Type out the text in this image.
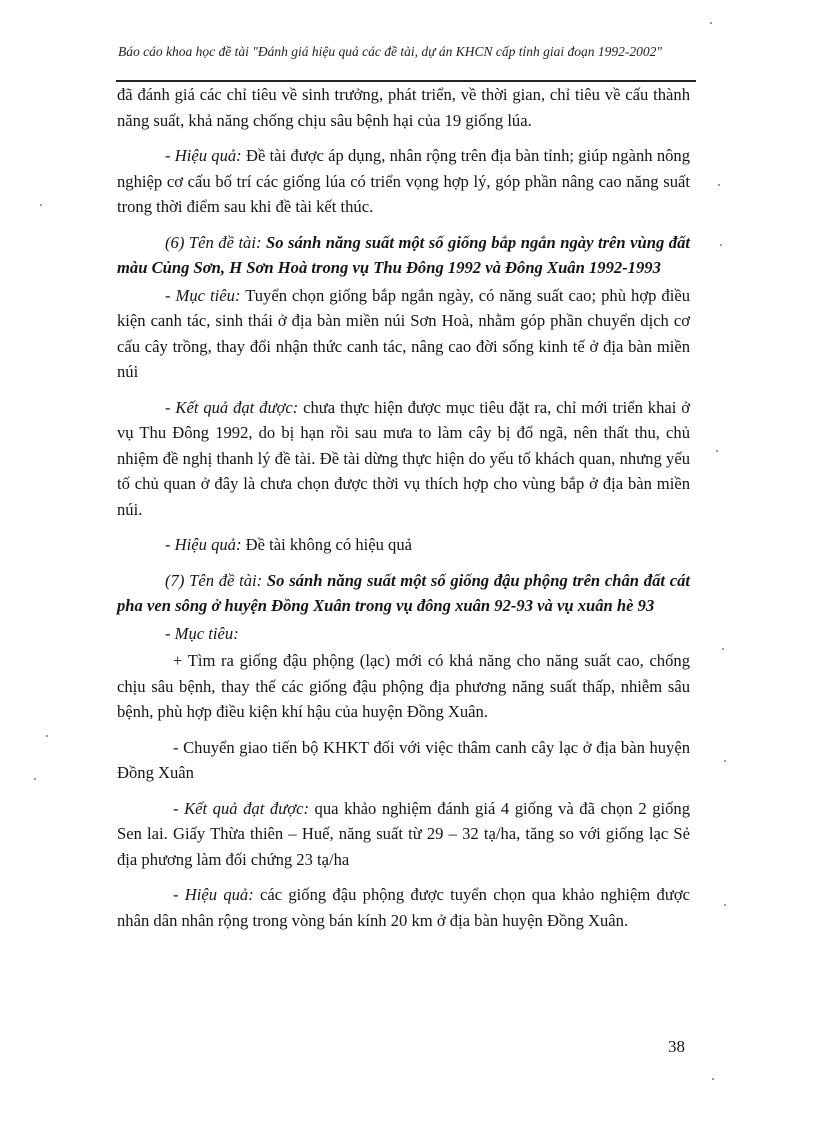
Báo cáo khoa học đề tài "Đánh giá hiệu quả các đề tài, dự án KHCN cấp tỉnh giai đoạn 1992-2002"

đã đánh giá các chỉ tiêu về sinh trưởng, phát triển, về thời gian, chỉ tiêu về cấu thành năng suất, khả năng chống chịu sâu bệnh hại của 19 giống lúa.

- Hiệu quả: Đề tài được áp dụng, nhân rộng trên địa bàn tỉnh; giúp ngành nông nghiệp cơ cấu bố trí các giống lúa có triển vọng hợp lý, góp phần nâng cao năng suất trong thời điểm sau khi đề tài kết thúc.

(6) Tên đề tài: So sánh năng suất một số giống bắp ngắn ngày trên vùng đất màu Củng Sơn, H Sơn Hoà trong vụ Thu Đông 1992 và Đông Xuân 1992-1993

- Mục tiêu: Tuyển chọn giống bắp ngắn ngày, có năng suất cao; phù hợp điều kiện canh tác, sinh thái ở địa bàn miền núi Sơn Hoà, nhằm góp phần chuyển dịch cơ cấu cây trồng, thay đổi nhận thức canh tác, nâng cao đời sống kinh tế ở địa bàn miền núi

- Kết quả đạt được: chưa thực hiện được mục tiêu đặt ra, chỉ mới triển khai ở vụ Thu Đông 1992, do bị hạn rồi sau mưa to làm cây bị đổ ngã, nên thất thu, chủ nhiệm đề nghị thanh lý đề tài. Đề tài dừng thực hiện do yếu tố khách quan, nhưng yếu tố chủ quan ở đây là chưa chọn được thời vụ thích hợp cho vùng bắp ở địa bàn miền núi.

- Hiệu quả: Đề tài không có hiệu quả

(7) Tên đề tài: So sánh năng suất một số giống đậu phộng trên chân đất cát pha ven sông ở huyện Đồng Xuân trong vụ đông xuân 92-93 và vụ xuân hè 93

- Mục tiêu:

+ Tìm ra giống đậu phộng (lạc) mới có khả năng cho năng suất cao, chống chịu sâu bệnh, thay thế các giống đậu phộng địa phương năng suất thấp, nhiễm sâu bệnh, phù hợp điều kiện khí hậu của huyện Đồng Xuân.

- Chuyển giao tiến bộ KHKT đối với việc thâm canh cây lạc ở địa bàn huyện Đồng Xuân

- Kết quả đạt được: qua khảo nghiệm đánh giá 4 giống và đã chọn 2 giống Sen lai. Giấy Thừa thiên – Huế, năng suất từ 29 – 32 tạ/ha, tăng so với giống lạc Sẻ địa phương làm đối chứng 23 tạ/ha

- Hiệu quả: các giống đậu phộng được tuyển chọn qua khảo nghiệm được nhân dân nhân rộng trong vòng bán kính 20 km ở địa bàn huyện Đồng Xuân.

38
